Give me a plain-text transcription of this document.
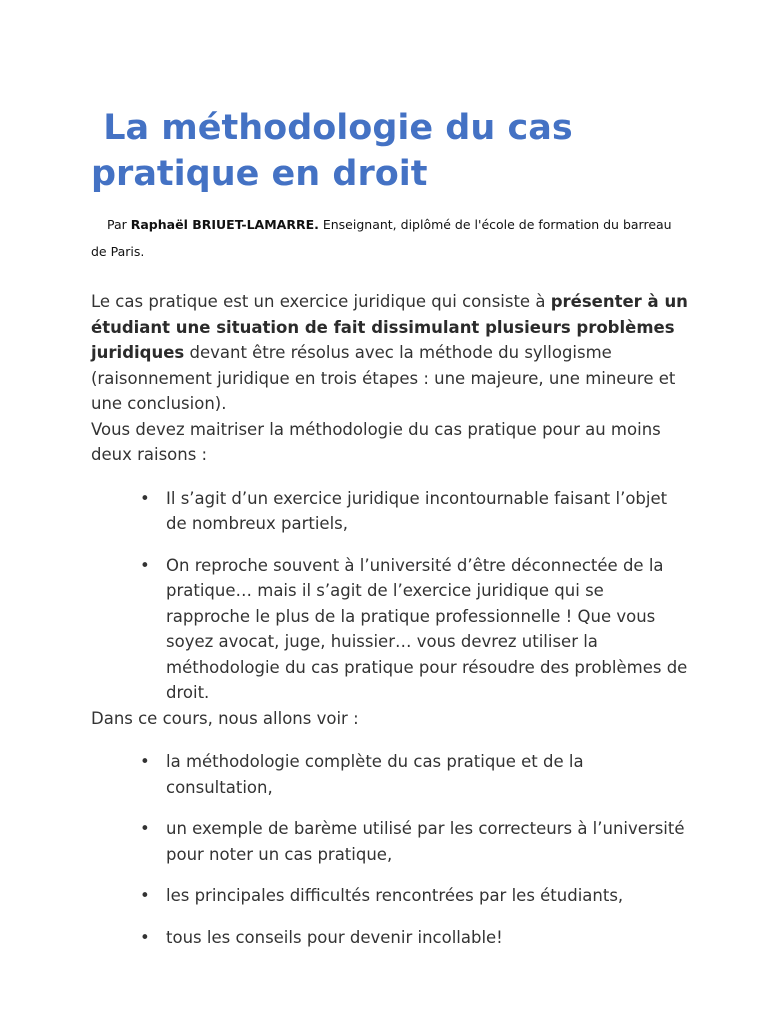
La méthodologie du cas pratique en droit

Par Raphaël BRIUET-LAMARRE. Enseignant, diplômé de l'école de formation du barreau de Paris.

Le cas pratique est un exercice juridique qui consiste à présenter à un étudiant une situation de fait dissimulant plusieurs problèmes juridiques devant être résolus avec la méthode du syllogisme (raisonnement juridique en trois étapes : une majeure, une mineure et une conclusion).

Vous devez maitriser la méthodologie du cas pratique pour au moins deux raisons :

• Il s’agit d’un exercice juridique incontournable faisant l’objet de nombreux partiels,
• On reproche souvent à l’université d’être déconnectée de la pratique… mais il s’agit de l’exercice juridique qui se rapproche le plus de la pratique professionnelle ! Que vous soyez avocat, juge, huissier… vous devrez utiliser la méthodologie du cas pratique pour résoudre des problèmes de droit.

Dans ce cours, nous allons voir :

• la méthodologie complète du cas pratique et de la consultation,
• un exemple de barème utilisé par les correcteurs à l’université pour noter un cas pratique,
• les principales difficultés rencontrées par les étudiants,
• tous les conseils pour devenir incollable!
